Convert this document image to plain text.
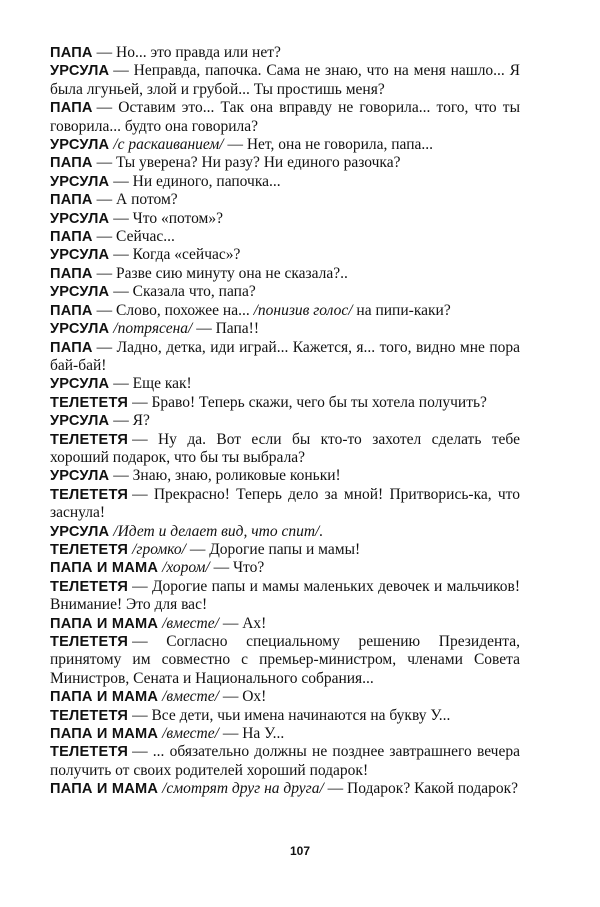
ПАПА — Но... это правда или нет?
УРСУЛА — Неправда, папочка. Сама не знаю, что на меня нашло... Я была лгуньей, злой и грубой... Ты простишь меня?
ПАПА — Оставим это... Так она вправду не говорила... того, что ты говорила... будто она говорила?
УРСУЛА /с раскаиванием/ — Нет, она не говорила, папа...
ПАПА — Ты уверена? Ни разу? Ни единого разочка?
УРСУЛА — Ни единого, папочка...
ПАПА — А потом?
УРСУЛА — Что «потом»?
ПАПА — Сейчас...
УРСУЛА — Когда «сейчас»?
ПАПА — Разве сию минуту она не сказала?..
УРСУЛА — Сказала что, папа?
ПАПА — Слово, похожее на... /понизив голос/ на пипи-каки?
УРСУЛА /потрясена/ — Папа!!
ПАПА — Ладно, детка, иди играй... Кажется, я... того, видно мне пора бай-бай!
УРСУЛА — Еще как!
ТЕЛЕТЕТЯ — Браво! Теперь скажи, чего бы ты хотела получить?
УРСУЛА — Я?
ТЕЛЕТЕТЯ — Ну да. Вот если бы кто-то захотел сделать тебе хороший подарок, что бы ты выбрала?
УРСУЛА — Знаю, знаю, роликовые коньки!
ТЕЛЕТЕТЯ — Прекрасно! Теперь дело за мной! Притворись-ка, что заснула!
УРСУЛА /Идет и делает вид, что спит/.
ТЕЛЕТЕТЯ /громко/ — Дорогие папы и мамы!
ПАПА И МАМА /хором/ — Что?
ТЕЛЕТЕТЯ — Дорогие папы и мамы маленьких девочек и мальчиков! Внимание! Это для вас!
ПАПА И МАМА /вместе/ — Ах!
ТЕЛЕТЕТЯ — Согласно специальному решению Президента, принятому им совместно с премьер-министром, членами Совета Министров, Сената и Национального собрания...
ПАПА И МАМА /вместе/ — Ох!
ТЕЛЕТЕТЯ — Все дети, чьи имена начинаются на букву У...
ПАПА И МАМА /вместе/ — На У...
ТЕЛЕТЕТЯ — ... обязательно должны не позднее завтрашнего вечера получить от своих родителей хороший подарок!
ПАПА И МАМА /смотрят друг на друга/ — Подарок? Какой подарок?
107
